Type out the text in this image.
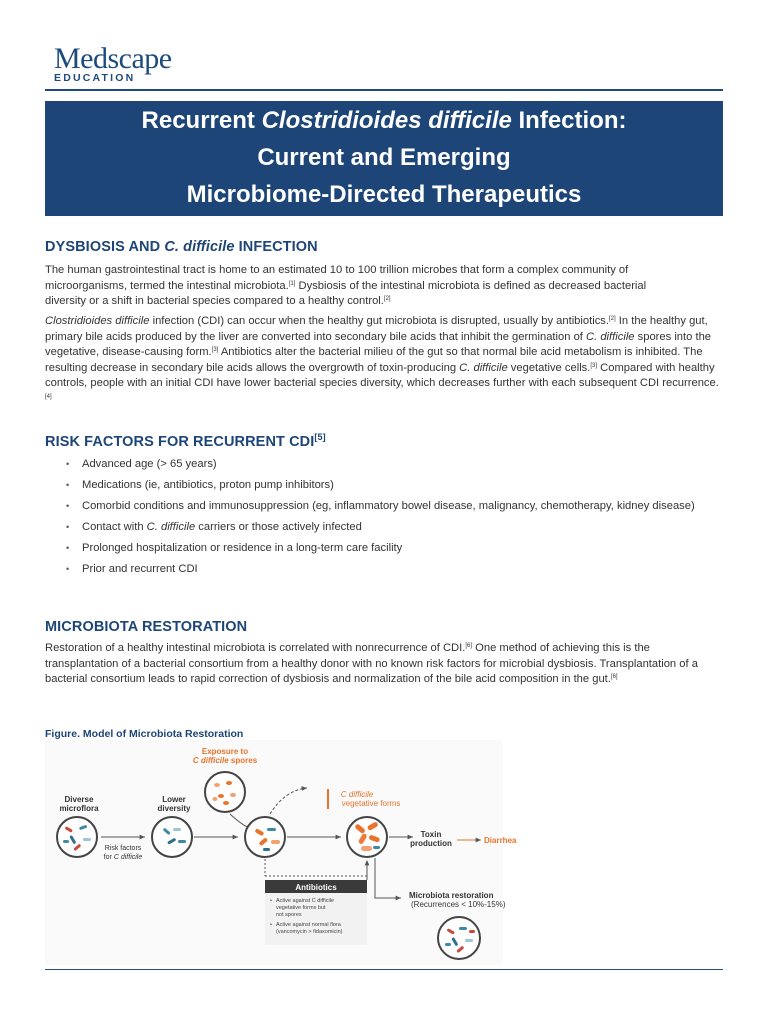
Medscape
EDUCATION
Recurrent Clostridioides difficile Infection:
Current and Emerging
Microbiome-Directed Therapeutics
DYSBIOSIS AND C. difficile INFECTION
The human gastrointestinal tract is home to an estimated 10 to 100 trillion microbes that form a complex community of
microorganisms, termed the intestinal microbiota.[1] Dysbiosis of the intestinal microbiota is defined as decreased bacterial
diversity or a shift in bacterial species compared to a healthy control.[2]
Clostridioides difficile infection (CDI) can occur when the healthy gut microbiota is disrupted, usually by antibiotics.[2] In the healthy gut, primary bile acids produced by the liver are converted into secondary bile acids that inhibit the germination of C. difficile spores into the vegetative, disease-causing form.[3] Antibiotics alter the bacterial milieu of the gut so that normal bile acid metabolism is inhibited. The resulting decrease in secondary bile acids allows the overgrowth of toxin-producing C. difficile vegetative cells.[3] Compared with healthy controls, people with an initial CDI have lower bacterial species diversity, which decreases further with each subsequent CDI recurrence.[4]
RISK FACTORS FOR RECURRENT CDI[5]
• Advanced age (> 65 years)
• Medications (ie, antibiotics, proton pump inhibitors)
• Comorbid conditions and immunosuppression (eg, inflammatory bowel disease, malignancy, chemotherapy, kidney disease)
• Contact with C. difficile carriers or those actively infected
• Prolonged hospitalization or residence in a long-term care facility
• Prior and recurrent CDI
MICROBIOTA RESTORATION
Restoration of a healthy intestinal microbiota is correlated with nonrecurrence of CDI.[6] One method of achieving this is the transplantation of a bacterial consortium from a healthy donor with no known risk factors for microbial dysbiosis. Transplantation of a bacterial consortium leads to rapid correction of dysbiosis and normalization of the bile acid composition in the gut.[6]
Figure. Model of Microbiota Restoration
Diverse
microflora
Risk factors
for C difficile
Lower
diversity
Exposure to
C difficile spores
C difficile
vegetative forms
Toxin
production	Diarrhea
Antibiotics
• Active against C difficile vegetative forms but not spores • Active against normal flora (vancomycin > fidaxomicin)
Microbiota restoration
(Recurrences < 10%-15%)
